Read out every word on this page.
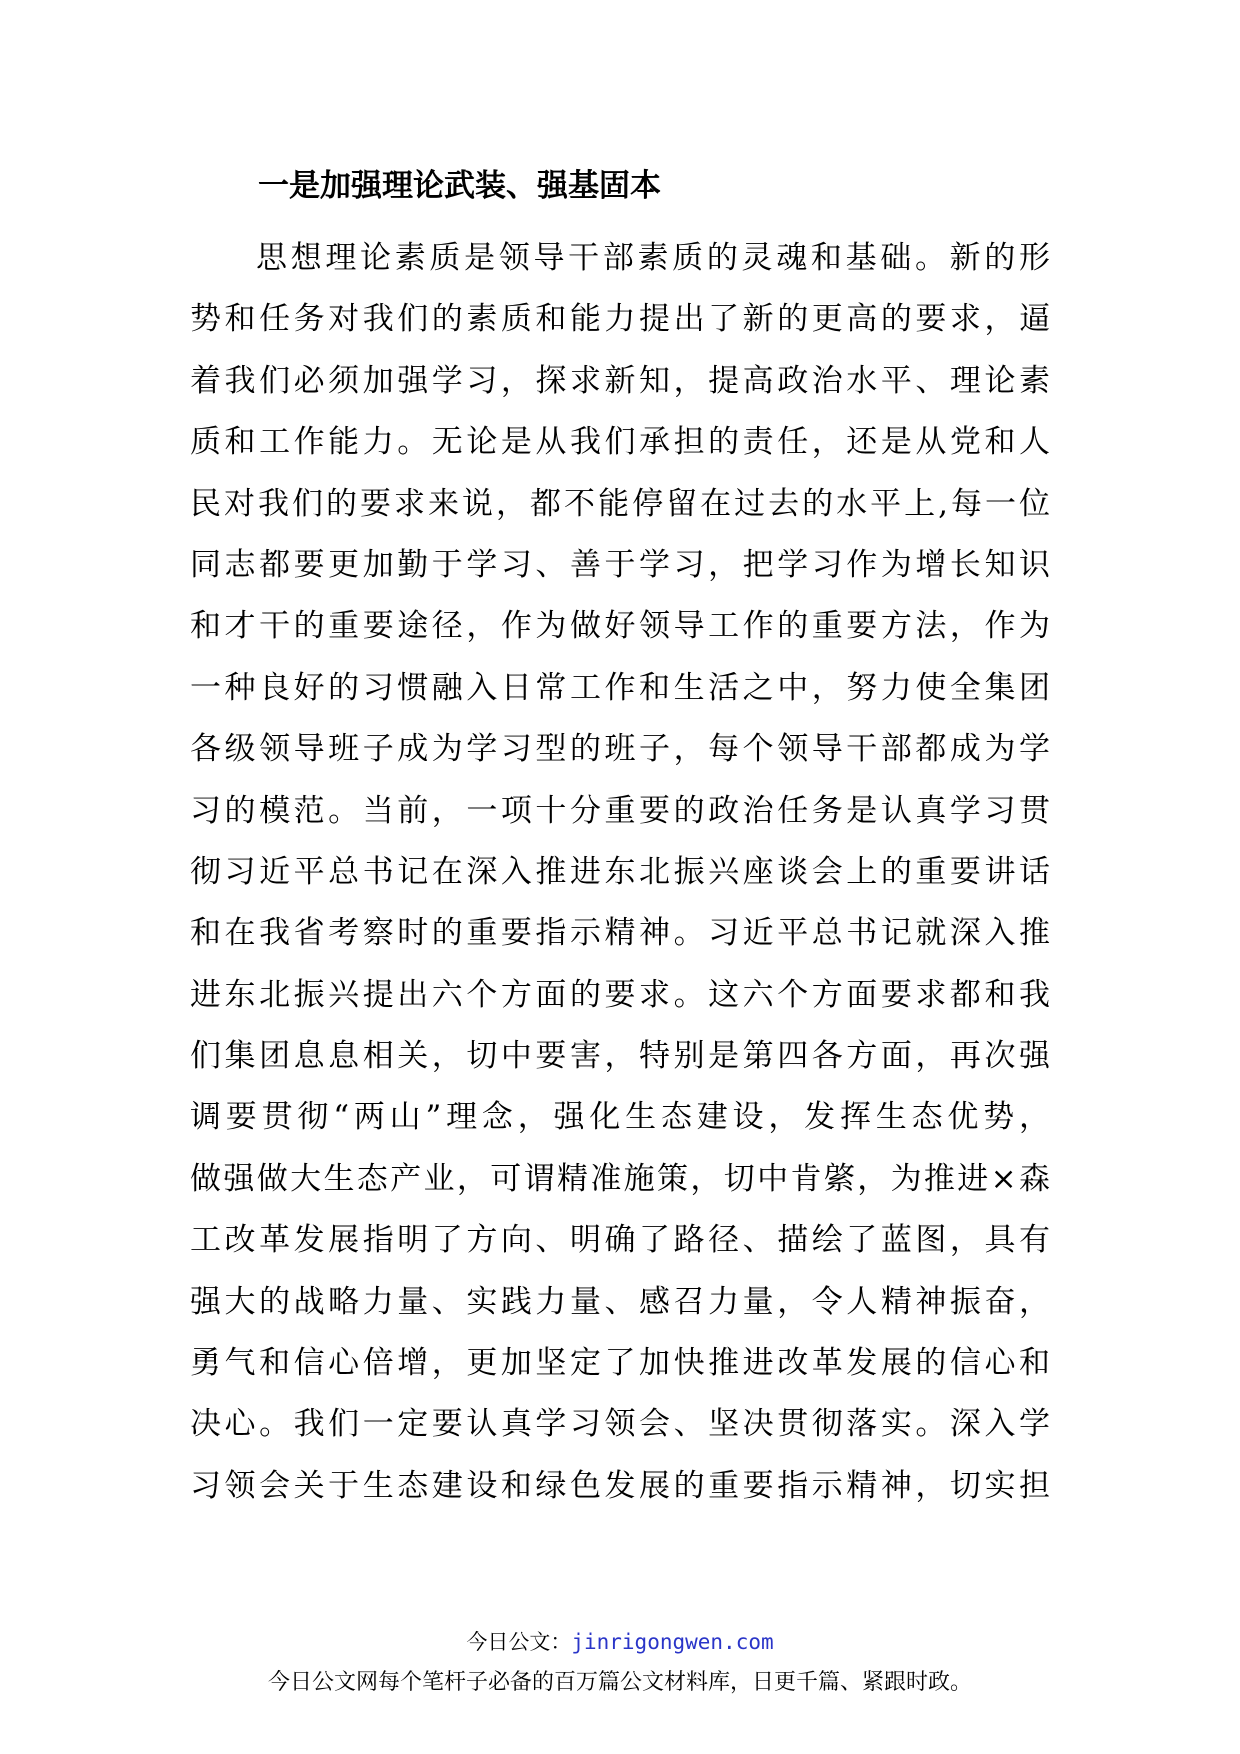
一是加强理论武装、强基固本
思想理论素质是领导干部素质的灵魂和基础。新的形
势和任务对我们的素质和能力提出了新的更高的要求，逼
着我们必须加强学习，探求新知，提高政治水平、理论素
质和工作能力。无论是从我们承担的责任，还是从党和人
民对我们的要求来说，都不能停留在过去的水平上,每一位
同志都要更加勤于学习、善于学习，把学习作为增长知识
和才干的重要途径，作为做好领导工作的重要方法，作为
一种良好的习惯融入日常工作和生活之中，努力使全集团
各级领导班子成为学习型的班子，每个领导干部都成为学
习的模范。当前，一项十分重要的政治任务是认真学习贯
彻习近平总书记在深入推进东北振兴座谈会上的重要讲话
和在我省考察时的重要指示精神。习近平总书记就深入推
进东北振兴提出六个方面的要求。这六个方面要求都和我
们集团息息相关，切中要害，特别是第四各方面，再次强
调要贯彻“两山”理念，强化生态建设，发挥生态优势，
做强做大生态产业，可谓精准施策，切中肯綮，为推进×森
工改革发展指明了方向、明确了路径、描绘了蓝图，具有
强大的战略力量、实践力量、感召力量，令人精神振奋，
勇气和信心倍增，更加坚定了加快推进改革发展的信心和
决心。我们一定要认真学习领会、坚决贯彻落实。深入学
习领会关于生态建设和绿色发展的重要指示精神，切实担
今日公文：jinrigongwen.com
今日公文网每个笔杆子必备的百万篇公文材料库，日更千篇、紧跟时政。
